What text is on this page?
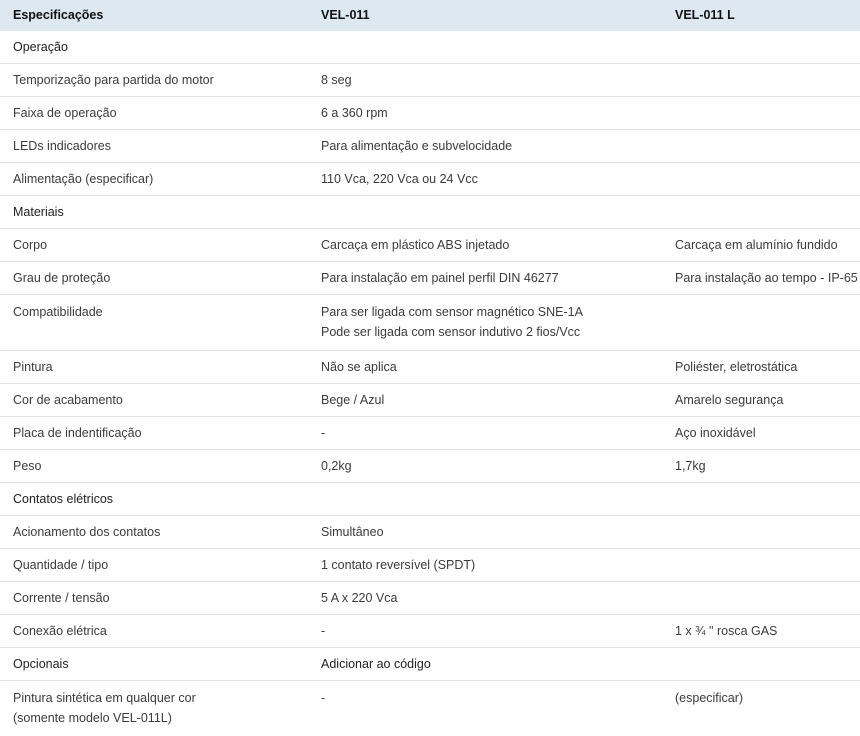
Especificações	VEL-011	VEL-011 L
Operação		
Temporização para partida do motor	8 seg	
Faixa de operação	6 a 360 rpm	
LEDs indicadores	Para alimentação e subvelocidade	
Alimentação (especificar)	110 Vca, 220 Vca ou 24 Vcc	
Materiais		
Corpo	Carcaça em plástico ABS injetado	Carcaça em alumínio fundido
Grau de proteção	Para instalação em painel perfil DIN 46277	Para instalação ao tempo - IP-65
Compatibilidade	Para ser ligada com sensor magnético SNE-1A
Pode ser ligada com sensor indutivo 2 fios/Vcc	

Pintura	Não se aplica	Poliéster, eletrostática
Cor de acabamento	Bege / Azul	Amarelo segurança
Placa de indentificação	-	Aço inoxidável
Peso	0,2kg	1,7kg
Contatos elétricos		
Acionamento dos contatos	Simultâneo	
Quantidade / tipo	1 contato reversível (SPDT)	
Corrente / tensão	5 A x 220 Vca	
Conexão elétrica	-	1 x ¾ " rosca GAS
Opcionais	Adicionar ao código	

Pintura sintética em qualquer cor
(somente modelo VEL-011L)	-	(especificar)
